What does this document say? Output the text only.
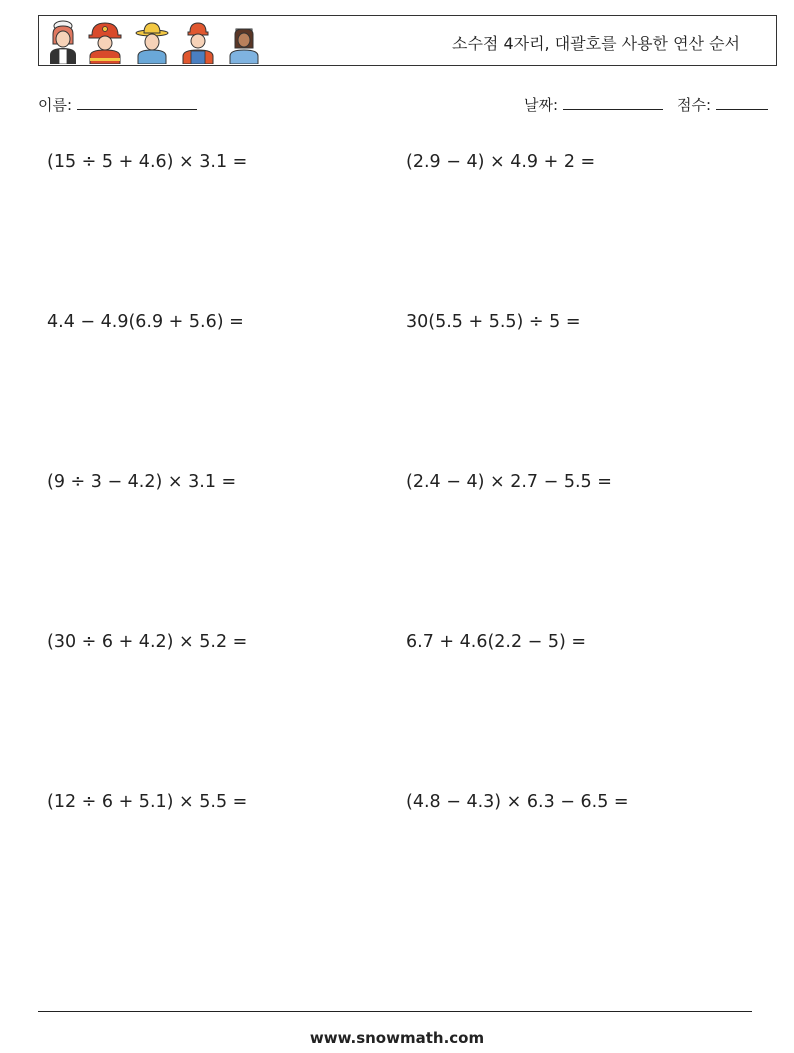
소수점 4자리, 대괄호를 사용한 연산 순서
이름:	날짜:	점수:
(15 ÷ 5 + 4.6) × 3.1 =	(2.9 − 4) × 4.9 + 2 =
4.4 − 4.9(6.9 + 5.6) =	30(5.5 + 5.5) ÷ 5 =
(9 ÷ 3 − 4.2) × 3.1 =	(2.4 − 4) × 2.7 − 5.5 =
(30 ÷ 6 + 4.2) × 5.2 =	6.7 + 4.6(2.2 − 5) =
(12 ÷ 6 + 5.1) × 5.5 =	(4.8 − 4.3) × 6.3 − 6.5 =
www.snowmath.com
